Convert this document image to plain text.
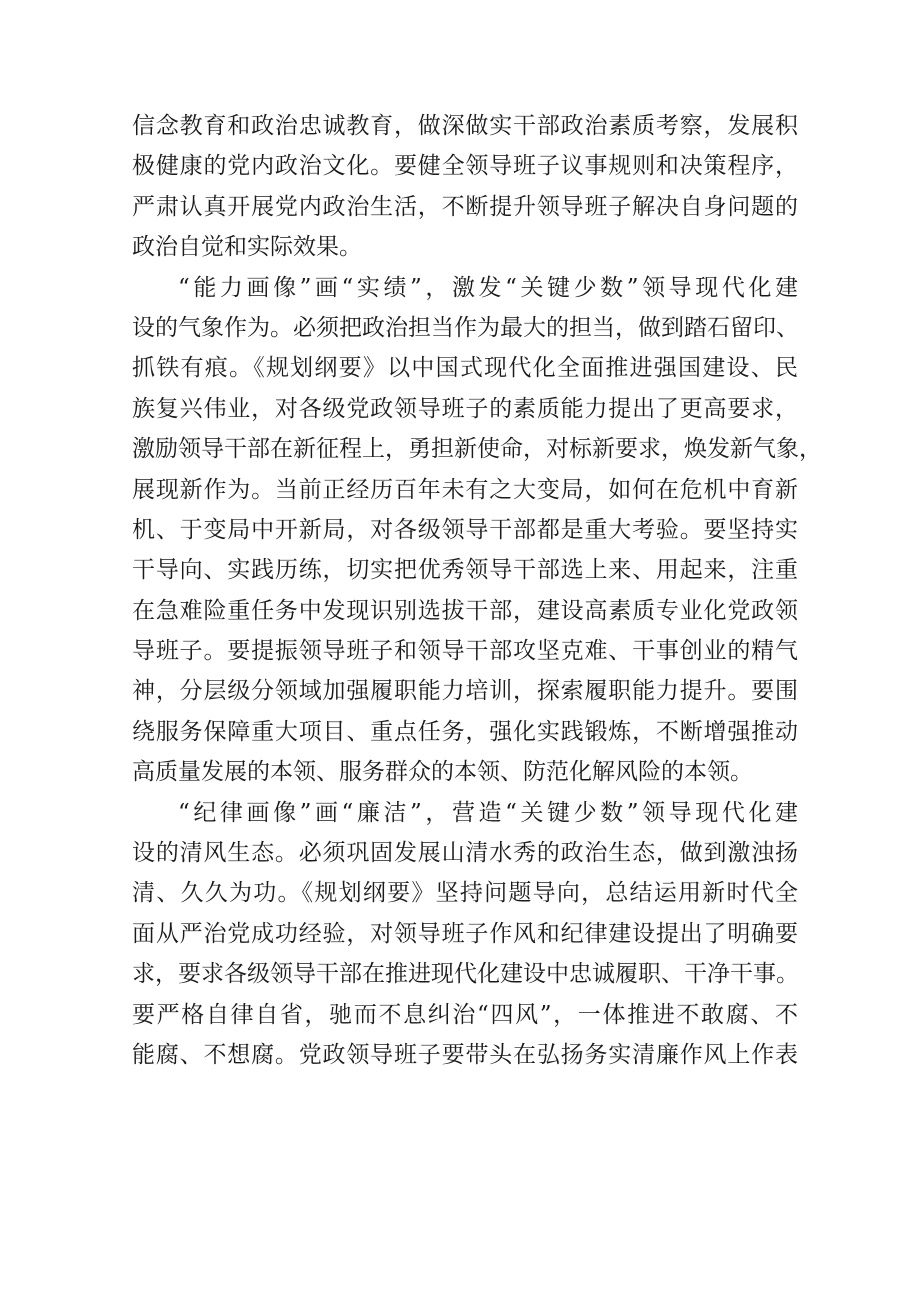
信念教育和政治忠诚教育，做深做实干部政治素质考察，发展积
极健康的党内政治文化。要健全领导班子议事规则和决策程序，
严肃认真开展党内政治生活，不断提升领导班子解决自身问题的
政治自觉和实际效果。
“能力画像”画“实绩”，激发“关键少数”领导现代化建
设的气象作为。必须把政治担当作为最大的担当，做到踏石留印、
抓铁有痕。《规划纲要》以中国式现代化全面推进强国建设、民
族复兴伟业，对各级党政领导班子的素质能力提出了更高要求，
激励领导干部在新征程上，勇担新使命，对标新要求，焕发新气象，
展现新作为。当前正经历百年未有之大变局，如何在危机中育新
机、于变局中开新局，对各级领导干部都是重大考验。要坚持实
干导向、实践历练，切实把优秀领导干部选上来、用起来，注重
在急难险重任务中发现识别选拔干部，建设高素质专业化党政领
导班子。要提振领导班子和领导干部攻坚克难、干事创业的精气
神，分层级分领域加强履职能力培训，探索履职能力提升。要围
绕服务保障重大项目、重点任务，强化实践锻炼，不断增强推动
高质量发展的本领、服务群众的本领、防范化解风险的本领。
“纪律画像”画“廉洁”，营造“关键少数”领导现代化建
设的清风生态。必须巩固发展山清水秀的政治生态，做到激浊扬
清、久久为功。《规划纲要》坚持问题导向，总结运用新时代全
面从严治党成功经验，对领导班子作风和纪律建设提出了明确要
求，要求各级领导干部在推进现代化建设中忠诚履职、干净干事。
要严格自律自省，驰而不息纠治“四风”，一体推进不敢腐、不
能腐、不想腐。党政领导班子要带头在弘扬务实清廉作风上作表
